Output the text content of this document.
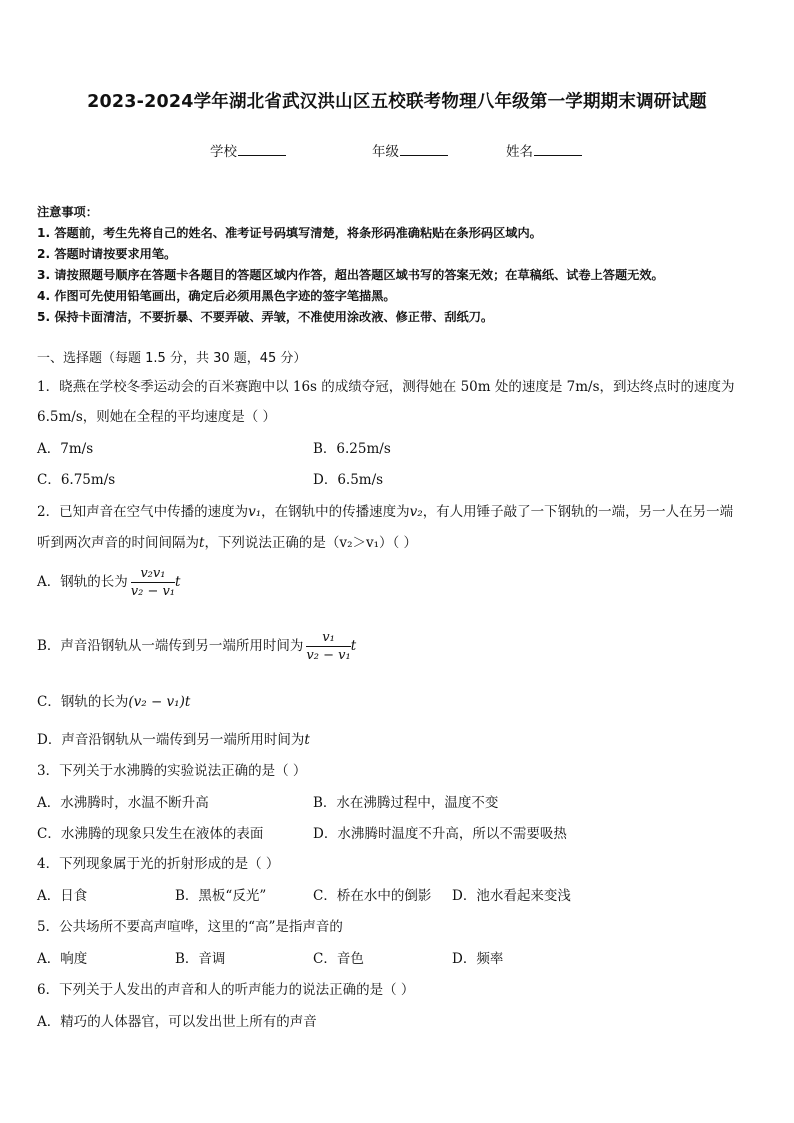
2023-2024学年湖北省武汉洪山区五校联考物理八年级第一学期期末调研试题
学校	年级	姓名
注意事项：
1. 答题前，考生先将自己的姓名、准考证号码填写清楚，将条形码准确粘贴在条形码区域内。
2. 答题时请按要求用笔。
3. 请按照题号顺序在答题卡各题目的答题区域内作答，超出答题区域书写的答案无效；在草稿纸、试卷上答题无效。
4. 作图可先使用铅笔画出，确定后必须用黑色字迹的签字笔描黑。
5. 保持卡面清洁，不要折暴、不要弄破、弄皱，不准使用涂改液、修正带、刮纸刀。
一、选择题（每题 1.5 分，共 30 题，45 分）
1．晓燕在学校冬季运动会的百米赛跑中以 16s 的成绩夺冠，测得她在 50m 处的速度是 7m/s，到达终点时的速度为
6.5m/s，则她在全程的平均速度是（ ）
A．7m/s	B．6.25m/s
C．6.75m/s	D．6.5m/s
2．已知声音在空气中传播的速度为v₁，在钢轨中的传播速度为v₂，有人用锤子敲了一下钢轨的一端，另一人在另一端
听到两次声音的时间间隔为t，下列说法正确的是（v₂＞v₁）（ ）
A．钢轨的长为 $\frac{\text{v₂v₁}}{\text{v₂ − v₁}}$ t
B．声音沿钢轨从一端传到另一端所用时间为 $\frac{\text{v₁}}{\text{v₂ − v₁}}$ t
C．钢轨的长为(v₂ − v₁)t
D．声音沿钢轨从一端传到另一端所用时间为t
3．下列关于水沸腾的实验说法正确的是（ ）
A．水沸腾时，水温不断升高	B．水在沸腾过程中，温度不变
C．水沸腾的现象只发生在液体的表面	D．水沸腾时温度不升高，所以不需要吸热
4．下列现象属于光的折射形成的是（ ）
A．日食	B．黑板“反光”	C．桥在水中的倒影 D．池水看起来变浅
5．公共场所不要高声喧哗，这里的“高”是指声音的
A．响度	B．音调	C．音色	D．频率
6．下列关于人发出的声音和人的听声能力的说法正确的是（ ）
A．精巧的人体器官，可以发出世上所有的声音
